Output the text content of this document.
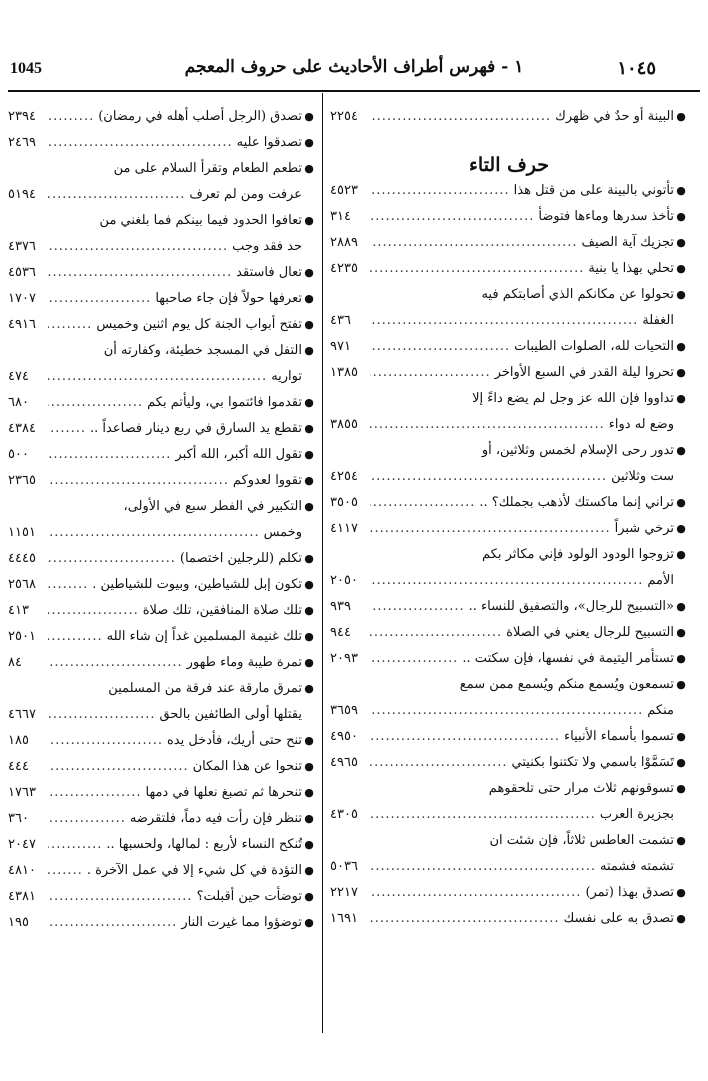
١٠٤٥
١ - فهرس أطراف الأحاديث على حروف المعجم
1045
●
البينة أو حدٌ في ظهرك
.....
٢٢٥٤
حرف التاء
●
تأتوني بالبينة على من قتل هذا
.....
٤٥٢٣
●
تأخذ سدرها وماءها فتوضأ
.....
٣١٤
●
تجزيك آية الصيف
.....
٢٨٨٩
●
تحلي بهذا يا بنية
.....
٤٢٣٥
●
تحولوا عن مكانكم الذي أصابتكم فيه
الغفلة
.....
٤٣٦
●
التحيات لله، الصلوات الطيبات
.....
٩٧١
●
تحروا ليلة القدر في السبع الأواخر
.....
١٣٨٥
●
تداووا فإن الله عز وجل لم يضع داءً إلا
وضع له دواء
.....
٣٨٥٥
●
تدور رحى الإسلام لخمس وثلاثين، أو
ست وثلاثين
.....
٤٢٥٤
●
تراني إنما ماكستك لأذهب بجملك؟ ..
.....
٣٥٠٥
●
ترخي شبراً
.....
٤١١٧
●
تزوجوا الودود الولود فإني مكاثر بكم
الأمم
.....
٢٠٥٠
●
«التسبيح للرجال»، والتصفيق للنساء ..
.....
٩٣٩
●
التسبيح للرجال يعني في الصلاة
.....
٩٤٤
●
تستأمر اليتيمة في نفسها، فإن سكتت ..
.....
٢٠٩٣
●
تسمعون ويُسمع منكم ويُسمع ممن سمع
منكم
.....
٣٦٥٩
●
تسموا بأسماء الأنبياء
.....
٤٩٥٠
●
تَسَمَّوْا باسمي ولا تكتنوا بكنيتي
.....
٤٩٦٥
●
تسوقونهم ثلاث مرار حتى تلحقوهم
بجزيرة العرب
.....
٤٣٠٥
●
تشمت العاطس ثلاثاً، فإن شئت ان
تشمته فشمته
.....
٥٠٣٦
●
تصدق بهذا (تمر)
.....
٢٢١٧
●
تصدق به على نفسك
.....
١٦٩١
●
تصدق (الرجل أصلب أهله في رمضان)
.....
٢٣٩٤
●
تصدقوا عليه
.....
٢٤٦٩
●
تطعم الطعام وتقرأ السلام على من
عرفت ومن لم تعرف
.....
٥١٩٤
●
تعافوا الحدود فيما بينكم فما بلغني من
حد فقد وجب
.....
٤٣٧٦
●
تعال فاستقد
.....
٤٥٣٦
●
تعرفها حولاً فإن جاء صاحبها
.....
١٧٠٧
●
تفتح أبواب الجنة كل يوم اثنين وخميس
.....
٤٩١٦
●
التفل في المسجد خطيئة، وكفارته أن
تواريه
.....
٤٧٤
●
تقدموا فائتموا بي، وليأتم بكم
.....
٦٨٠
●
تقطع يد السارق في ربع دينار فصاعداً ..
.....
٤٣٨٤
●
تقول الله أكبر، الله أكبر
.....
٥٠٠
●
تقووا لعدوكم
.....
٢٣٦٥
●
التكبير في الفطر سبع في الأولى،
وخمس
.....
١١٥١
●
تكلم (للرجلين اختصما)
.....
٤٤٤٥
●
تكون إبل للشياطين، وبيوت للشياطين .
.....
٢٥٦٨
●
تلك صلاة المنافقين، تلك صلاة
.....
٤١٣
●
تلك غنيمة المسلمين غداً إن شاء الله
.....
٢٥٠١
●
تمرة طيبة وماء طهور
.....
٨٤
●
تمرق مارقة عند فرقة من المسلمين
يقتلها أولى الطائفين بالحق
.....
٤٦٦٧
●
تنح حتى أريك، فأدخل يده
.....
١٨٥
●
تنحوا عن هذا المكان
.....
٤٤٤
●
تنحرها ثم تصبغ نعلها في دمها
.....
١٧٦٣
●
تنظر فإن رأت فيه دماً، فلتقرضه
.....
٣٦٠
●
تُنكح النساء لأربع : لمالها، ولحسبها ..
.....
٢٠٤٧
●
التؤدة في كل شيء إلا في عمل الآخرة .
.....
٤٨١٠
●
توضأت حين أقبلت؟
.....
٤٣٨١
●
توضؤوا مما غيرت النار
.....
١٩٥
